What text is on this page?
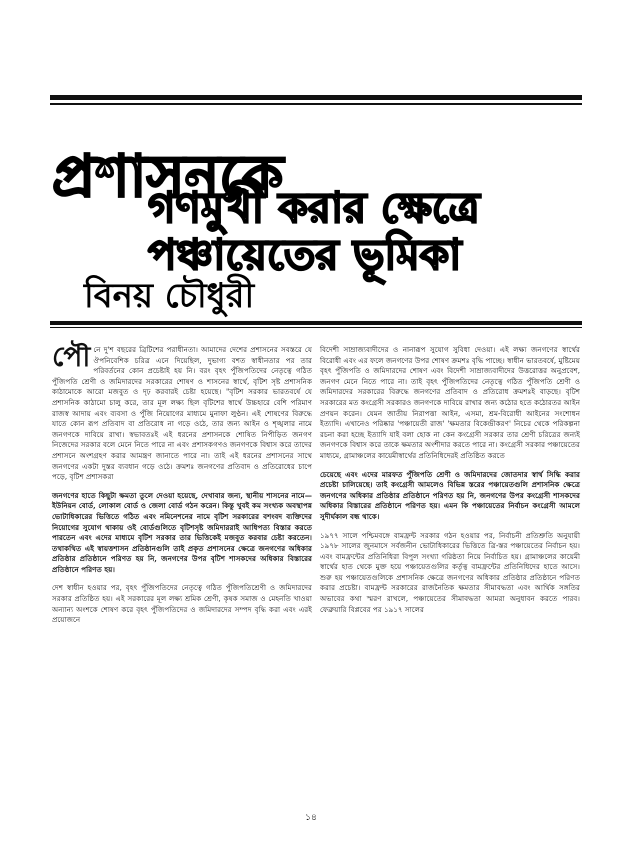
প্রশাসনকে
গণমুখী করার ক্ষেত্রে
পঞ্চায়েতের ভূমিকা
বিনয় চৌধুরী

পৌনে দু'শ বছরের ব্রিটিশের পরাধীনতা। আমাদের দেশের প্রশাসনের সবস্তরে যে ঔপনিবেশিক চরিত্র এনে দিয়েছিল, দুভাগ্য বশত স্বাধীনতার পর তার পরিবর্তনের কোন প্রচেষ্টাই হয় নি। বরং বৃহৎ পুঁজিপতিদের নেতৃত্বে গঠিত পুঁজিপতি শ্রেণী ও জমিদারদের সরকারের শোষণ ও শাসনের স্বার্থে, বৃটিশ সৃষ্ট প্রশাসনিক কাঠামোকে আরো মজবুত ও দৃঢ় করবারই চেষ্টা হয়েছে। "বৃটিশ সরকার ভারতবর্ষে যে প্রশাসনিক কাঠামো চালু করে, তার মূল লক্ষ্য ছিল বৃটিশের স্বার্থে উচ্চহারে বেশি পরিমাণ রাজস্ব আদায় এবং ব্যবসা ও পুঁজি নিয়োগের মাধ্যমে মুনাফা লুণ্ঠন। এই শোষণের বিরুদ্ধে যাতে কোন রূপ প্রতিবাদ বা প্রতিরোধ না গড়ে ওঠে, তার জন্য আইন ও শৃঙ্খলার নামে জনগণকে দাবিয়ে রাখা। স্বভাবতঃই এই ধরনের প্রশাসনকে শোষিত নিপীড়িত জনগণ নিজেদের সরকার বলে মেনে নিতে পারে না এবং প্রশাসকগণও জনগণকে বিশ্বাস করে তাদের প্রশাসনে অংশগ্রহণ করার আমন্ত্রণ জানাতে পারে না। তাই এই ধরনের প্রশাসনের সাথে জনগণের একটা দুস্তর ব্যবধান গড়ে ওঠে। ক্রমশঃ জনগণের প্রতিবাদ ও প্রতিরোধের চাপে পড়ে, বৃটিশ প্রশাসকরা

জনগণের হাতে কিছুটা ক্ষমতা তুলে দেওয়া হয়েছে, দেখাবার জন্য, স্থানীয় শাসনের নামে—ইউনিয়ন বোর্ড, লোকাল বোর্ড ও জেলা বোর্ড গঠন করেন। কিন্তু খুবই কম সংখ্যক অবস্থাপন্ন ভোটাধিকারের ভিত্তিতে গঠিত এবং নমিনেশনের নামে বৃটিশ সরকারের বশংবদ ব্যক্তিদের নিয়োগের সুযোগ থাকায় ওই বোর্ডগুলিতে বৃটিশসৃষ্ট জমিদাররাই আধিপত্য বিস্তার করতে পারতেন এবং এদের মাধ্যমে বৃটিশ সরকার তার ভিত্তিকেই মজবুত করবার চেষ্টা করতেন। তথাকথিত এই স্বায়ত্তশাসন প্রতিষ্ঠানগুলি তাই প্রকৃত প্রশাসনের ক্ষেত্রে জনগণের অধিকার প্রতিষ্ঠার প্রতিষ্ঠানে পরিণত হয় নি, জনগণের উপর বৃটিশ শাসকদের অধিকার বিস্তারের প্রতিষ্ঠানে পরিণত হয়।

দেশ স্বাধীন হওয়ার পর, বৃহৎ পুঁজিপতিদের নেতৃত্বে গঠিত পুঁজিপতিশ্রেণী ও জমিদারদের সরকার প্রতিষ্ঠিত হয়। এই সরকারের মূল লক্ষ্য শ্রমিক শ্রেণী, কৃষক সমাজ ও মেহনতি খাওয়া অন্যান্য অংশকে শোষণ করে বৃহৎ পুঁজিপতিদের ও জমিদারদের সম্পদ বৃদ্ধি করা এবং এরই প্রয়োজনে

বিদেশী সাম্রাজ্যবাদীদের ও নানারূপ সুযোগ সুবিধা দেওয়া। এই লক্ষ্য জনগণের স্বার্থের বিরোধী এবং এর ফলে জনগণের উপর শোষণ ক্রমশঃ বৃদ্ধি পাচ্ছে। স্বাধীন ভারতবর্ষে, মুষ্টিমেয় বৃহৎ পুঁজিপতি ও জমিদারদের শোষণ এবং বিদেশী সাম্রাজ্যবাদীদের উত্তরোত্তর অনুপ্রবেশ, জনগণ মেনে নিতে পারে না। তাই বৃহৎ পুঁজিপতিদের নেতৃত্বে গঠিত পুঁজিপতি শ্রেণী ও জমিদারদের সরকারের বিরুদ্ধে জনগণের প্রতিবাদ ও প্রতিরোধ ক্রমশঃই বাড়ছে। বৃটিশ সরকারের মত কংগ্রেসী সরকারও জনগণকে দাবিয়ে রাখার জন্য কঠোর হতে কঠোরতর আইন প্রণয়ন করেন। যেমন জাতীয় নিরাপত্তা আইন, এসমা, শ্রম-বিরোধী আইনের সংশোধন ইত্যাদি। এখানেও পরিষ্কার 'পঞ্চায়েতী রাজ' 'ক্ষমতার বিকেন্দ্রীকরণ' নিচের থেকে পরিকল্পনা রচনা করা হচ্ছে ইত্যাদি যাই বলা হোক না কেন কংগ্রেসী সরকার তার শ্রেণী চরিত্রের জন্যই জনগণকে বিশ্বাস করে তাকে ক্ষমতার অংশীদার করতে পারে না। কংগ্রেসী সরকার পঞ্চায়েতের মাধ্যমে, গ্রামাঞ্চলের কায়েমীস্বার্থের প্রতিনিধিদেরই প্রতিষ্ঠিত করতে

চেয়েছে এবং এদের মারফত পুঁজিপতি শ্রেণী ও জমিদারদের জোতদার স্বার্থ সিদ্ধি করার প্রচেষ্টা চালিয়েছে। তাই কংগ্রেসী আমলেও বিভিন্ন স্তরের পঞ্চায়েতগুলি প্রশাসনিক ক্ষেত্রে জনগণের অধিকার প্রতিষ্ঠার প্রতিষ্ঠানে পরিণত হয় নি, জনগণের উপর কংগ্রেসী শাসকদের অধিকার বিস্তারের প্রতিষ্ঠানে পরিণত হয়। এমন কি পঞ্চায়েতের নির্বাচন কংগ্রেসী আমলে সুদীর্ঘকাল বন্ধ থাকে।

১৯৭৭ সালে পশ্চিমবঙ্গে বামফ্রন্ট সরকার গঠন হওয়ার পর, নির্বাচনী প্রতিশ্রুতি অনুযায়ী ১৯৭৮ সালের জুনমাসে সর্বজনীন ভোটাধিকারের ভিত্তিতে ত্রি-স্তর পঞ্চায়েতের নির্বাচন হয়। এবং বামফ্রন্টের প্রতিনিধিরা বিপুল সংখ্যা গরিষ্ঠতা নিয়ে নির্বাচিত হয়। গ্রামাঞ্চলের কায়েমী স্বার্থের হাত থেকে মুক্ত হয়ে পঞ্চায়েতগুলির কর্তৃত্ব বামফ্রন্টের প্রতিনিধিদের হাতে আসে। শুরু হয় পঞ্চায়েতগুলিকে প্রশাসনিক ক্ষেত্রে জনগণের অধিকার প্রতিষ্ঠার প্রতিষ্ঠানে পরিণত করার প্রচেষ্টা। বামফ্রন্ট সরকারের রাজনৈতিক ক্ষমতার সীমাবদ্ধতা এবং আর্থিক সঙ্গতির অভাবের কথা স্মরণ রাখলে, পঞ্চায়েতের সীমাবদ্ধতা আমরা অনুধাবন করতে পারব। ফেব্রুয়ারি বিপ্লবের পর ১৯১৭ সালের

১৪
